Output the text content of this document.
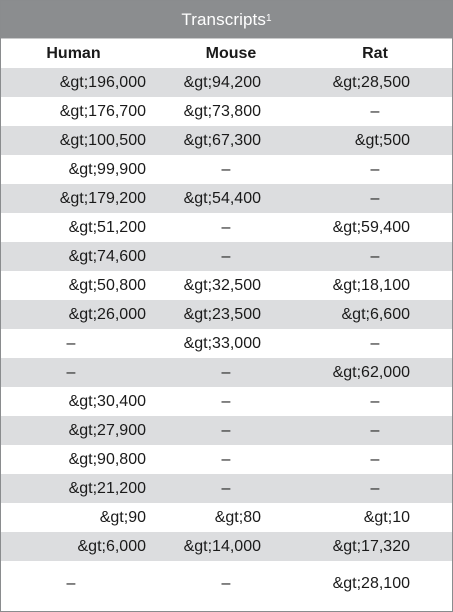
Transcripts$^1$
Human	Mouse	Rat
&gt;196,000	&gt;94,200	&gt;28,500
&gt;176,700	&gt;73,800	–
&gt;100,500	&gt;67,300	&gt;500
&gt;99,900	–	–
&gt;179,200	&gt;54,400	–
&gt;51,200	–	&gt;59,400
&gt;74,600	–	–
&gt;50,800	&gt;32,500	&gt;18,100
&gt;26,000	&gt;23,500	&gt;6,600
–	&gt;33,000	–
–	–	&gt;62,000
&gt;30,400	–	–
&gt;27,900	–	–
&gt;90,800	–	–
&gt;21,200	–	–
&gt;90	&gt;80	&gt;10
&gt;6,000	&gt;14,000	&gt;17,320
–	–	&gt;28,100
